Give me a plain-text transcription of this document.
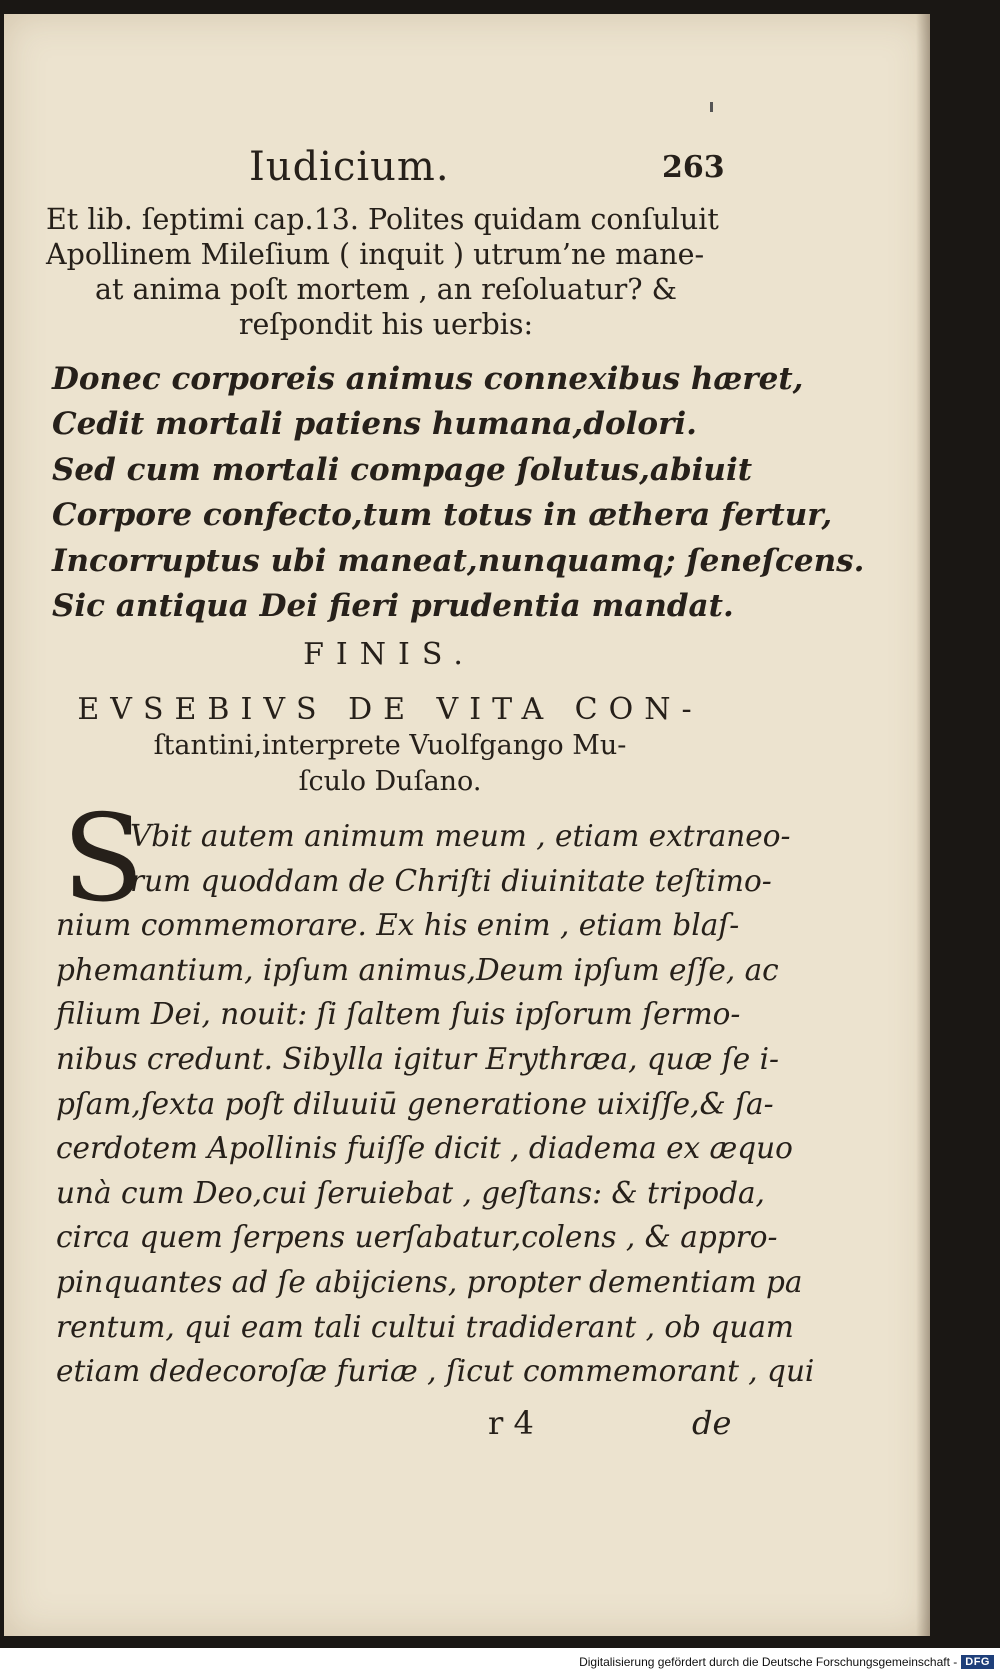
Iudicium.	263

Et lib. ſeptimi cap.13. Polites quidam conſuluit

Apollinem Mileſium ( inquit ) utrum’ne mane-

at anima poſt mortem , an reſoluatur? &

reſpondit his uerbis:

Donec corporeis animus connexibus hæret,

Cedit mortali patiens humana,dolori.

Sed cum mortali compage ſolutus,abiuit

Corpore confecto,tum totus in æthera fertur,

Incorruptus ubi maneat,nunquamq; ſeneſcens.

Sic antiqua Dei fieri prudentia mandat.

FINIS.

EVSEBIVS DE VITA CON-

ſtantini,interprete Vuolfgango Mu-

ſculo Duſano.

S

Vbit autem animum meum , etiam extraneo-

rum quoddam de Chriſti diuinitate teſtimo-

nium commemorare. Ex his enim , etiam blaſ-

phemantium, ipſum animus,Deum ipſum eſſe, ac

filium Dei, nouit: ſi ſaltem ſuis ipſorum ſermo-

nibus credunt. Sibylla igitur Erythræa, quæ ſe i-

pſam,ſexta poſt diluuiū generatione uixiſſe,& ſa-

cerdotem Apollinis fuiſſe dicit , diadema ex æquo

unà cum Deo,cui ſeruiebat , geſtans: & tripoda,

circa quem ſerpens uerſabatur,colens , & appro-

pinquantes ad ſe abijciens, propter dementiam pa

rentum, qui eam tali cultui tradiderant , ob quam

etiam dedecoroſæ furiæ , ſicut commemorant , qui

r 4	de
Digitalisierung gefördert durch die Deutsche Forschungsgemeinschaft - DFG
